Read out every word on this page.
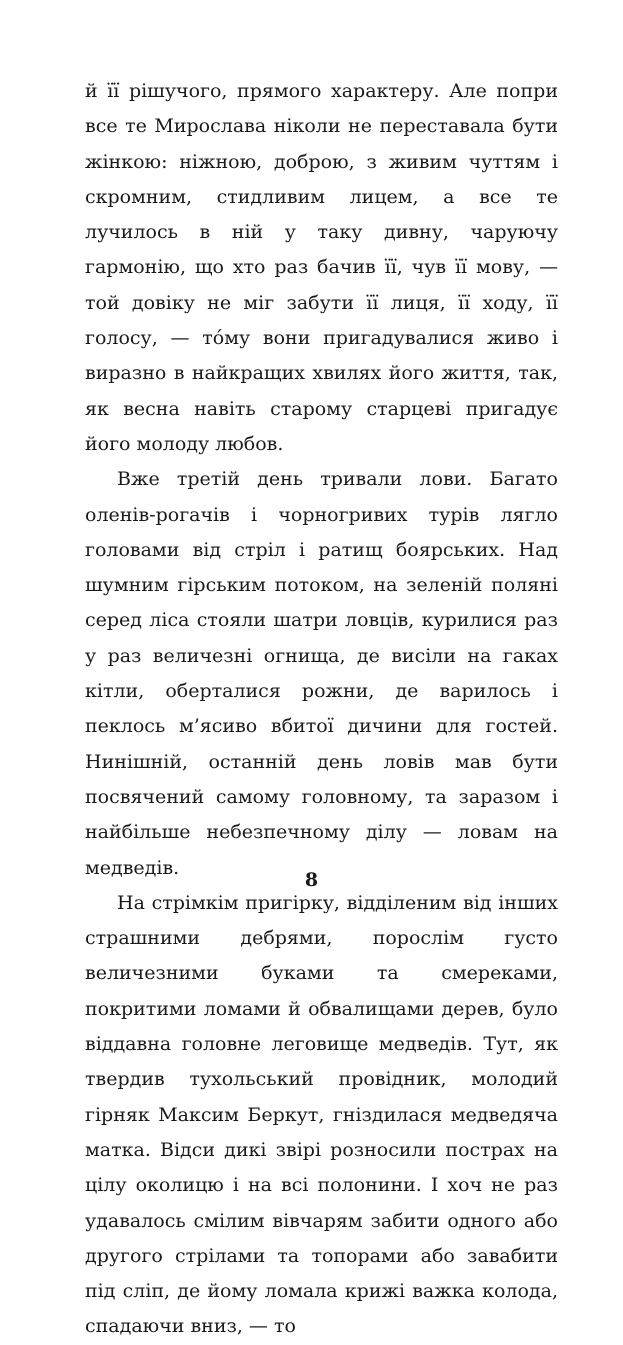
й її рішучого, прямого характеру. Але попри все те Мирослава ніколи не переставала бути жінкою: ніжною, доброю, з живим чуттям і скромним, стидливим лицем, а все те лучилось в ній у таку дивну, чаруючу гармонію, що хто раз бачив її, чув її мову, — той довіку не міг забути її лиця, її ходу, її голосу, — тóму вони пригадувалися живо і виразно в найкращих хвилях його життя, так, як весна навіть старому старцеві пригадує його молоду любов.

Вже третій день тривали лови. Багато оленів-рогачів і чорногривих турів лягло головами від стріл і ратищ боярських. Над шумним гірським потоком, на зеленій поляні серед ліса стояли шатри ловців, курилися раз у раз величезні огнища, де висіли на гаках кітли, оберталися рожни, де варилось і пеклось м’ясиво вбитої дичини для гостей. Нинішній, останній день ловів мав бути посвячений самому головному, та заразом і найбільше небезпечному ділу — ловам на медведів.

На стрімкім пригірку, відділеним від інших страшними дебрями, порослім густо величезними буками та смереками, покритими ломами й обвалищами дерев, було віддавна головне леговище медведів. Тут, як твердив тухольський провідник, молодий гірняк Максим Беркут, гніздилася медведяча матка. Відси дикі звірі розносили пострах на цілу околицю і на всі полонини. І хоч не раз удавалось смілим вівчарям забити одного або другого стрілами та топорами або завабити під сліп, де йому ломала крижі важка колода, спадаючи вниз, — то

8
